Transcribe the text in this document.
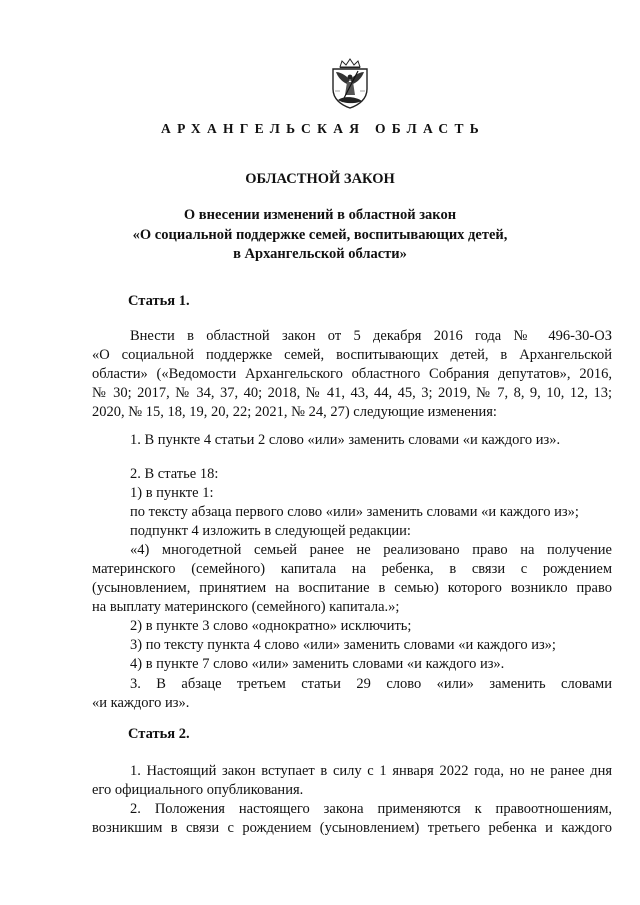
АРХАНГЕЛЬСКАЯ ОБЛАСТЬ

ОБЛАСТНОЙ ЗАКОН

О внесении изменений в областной закон
«О социальной поддержке семей, воспитывающих детей,
в Архангельской области»

Статья 1.

Внести в областной закон от 5 декабря 2016 года № 496-30-ОЗ

«О социальной поддержке семей, воспитывающих детей, в Архангельской

области» («Ведомости Архангельского областного Собрания депутатов», 2016,

№ 30; 2017, № 34, 37, 40; 2018, № 41, 43, 44, 45, 3; 2019, № 7, 8, 9, 10, 12, 13;

2020, № 15, 18, 19, 20, 22; 2021, № 24, 27) следующие изменения:

1. В пункте 4 статьи 2 слово «или» заменить словами «и каждого из».

2. В статье 18:

1) в пункте 1:

по тексту абзаца первого слово «или» заменить словами «и каждого из»;

подпункт 4 изложить в следующей редакции:

«4) многодетной семьей ранее не реализовано право на получение

материнского (семейного) капитала на ребенка, в связи с рождением

(усыновлением, принятием на воспитание в семью) которого возникло право

на выплату материнского (семейного) капитала.»;

2) в пункте 3 слово «однократно» исключить;

3) по тексту пункта 4 слово «или» заменить словами «и каждого из»;

4) в пункте 7 слово «или» заменить словами «и каждого из».

3. В абзаце третьем статьи 29 слово «или» заменить словами

«и каждого из».

Статья 2.

1. Настоящий закон вступает в силу с 1 января 2022 года, но не ранее дня

его официального опубликования.

2. Положения настоящего закона применяются к правоотношениям,

возникшим в связи с рождением (усыновлением) третьего ребенка и каждого
